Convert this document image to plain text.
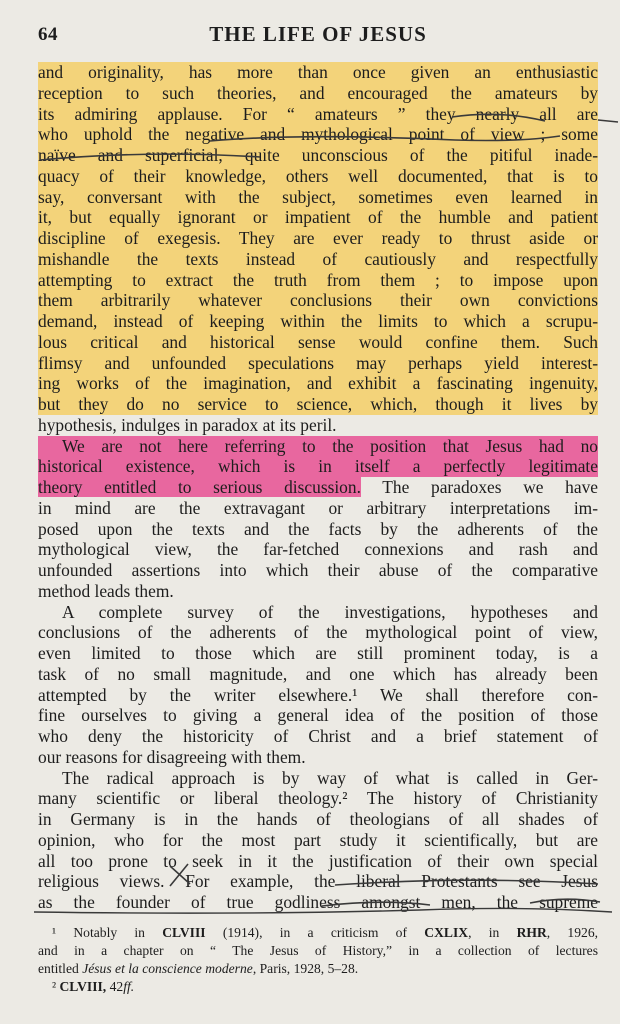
64	THE LIFE OF JESUS
and originality, has more than once given an enthusiastic
reception to such theories, and encouraged the amateurs by
its admiring applause. For “ amateurs ” they nearly all are
who uphold the negative and mythological point of view ; some
naïve and superficial, quite unconscious of the pitiful inade-
quacy of their knowledge, others well documented, that is to
say, conversant with the subject, sometimes even learned in
it, but equally ignorant or impatient of the humble and patient
discipline of exegesis. They are ever ready to thrust aside or
mishandle the texts instead of cautiously and respectfully
attempting to extract the truth from them ; to impose upon
them arbitrarily whatever conclusions their own convictions
demand, instead of keeping within the limits to which a scrupu-
lous critical and historical sense would confine them. Such
flimsy and unfounded speculations may perhaps yield interest-
ing works of the imagination, and exhibit a fascinating ingenuity,
but they do no service to science, which, though it lives by
hypothesis, indulges in paradox at its peril.
We are not here referring to the position that Jesus had no
historical existence, which is in itself a perfectly legitimate
theory entitled to serious discussion. The paradoxes we have
in mind are the extravagant or arbitrary interpretations im-
posed upon the texts and the facts by the adherents of the
mythological view, the far-fetched connexions and rash and
unfounded assertions into which their abuse of the comparative
method leads them.
A complete survey of the investigations, hypotheses and
conclusions of the adherents of the mythological point of view,
even limited to those which are still prominent today, is a
task of no small magnitude, and one which has already been
attempted by the writer elsewhere.¹ We shall therefore con-
fine ourselves to giving a general idea of the position of those
who deny the historicity of Christ and a brief statement of
our reasons for disagreeing with them.
The radical approach is by way of what is called in Ger-
many scientific or liberal theology.² The history of Christianity
in Germany is in the hands of theologians of all shades of
opinion, who for the most part study it scientifically, but are
all too prone to seek in it the justification of their own special
religious views. For example, the liberal Protestants see Jesus
as the founder of true godliness amongst men, the supreme
¹ Notably in CLVIII (1914), in a criticism of CXLIX, in RHR, 1926,
and in a chapter on “ The Jesus of History,” in a collection of lectures
entitled Jésus et la conscience moderne, Paris, 1928, 5–28.
² CLVIII, 42ff.
